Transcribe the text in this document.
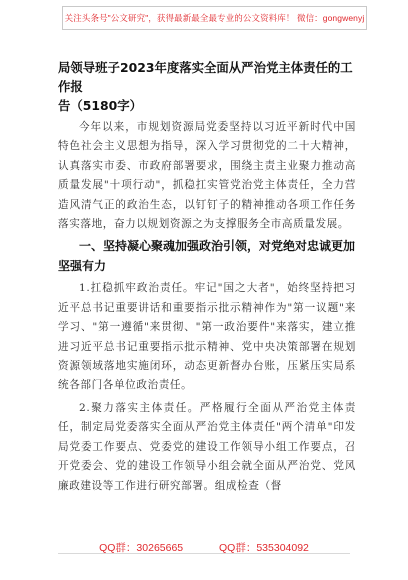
关注头条号"公文研究"，获得最新最全最专业的公文资料库！ 微信：gongwenyj
局领导班子2023年度落实全面从严治党主体责任的工作报
告（5180字）

今年以来，市规划资源局党委坚持以习近平新时代中国特色社会主义思想为指导，深入学习贯彻党的二十大精神，认真落实市委、市政府部署要求，围绕主责主业聚力推动高质量发展"十项行动"，抓稳扛实管党治党主体责任，全力营造风清气正的政治生态，以钉钉子的精神推动各项工作任务落实落地，奋力以规划资源之为支撑服务全市高质量发展。

一、坚持凝心聚魂加强政治引领，对党绝对忠诚更加坚强有力

1.扛稳抓牢政治责任。牢记"国之大者"，始终坚持把习近平总书记重要讲话和重要指示批示精神作为"第一议题"来学习、"第一遵循"来贯彻、"第一政治要件"来落实，建立推进习近平总书记重要指示批示精神、党中央决策部署在规划资源领域落地实施闭环，动态更新督办台账，压紧压实局系统各部门各单位政治责任。

2.聚力落实主体责任。严格履行全面从严治党主体责任，制定局党委落实全面从严治党主体责任"两个清单"印发局党委工作要点、党委党的建设工作领导小组工作要点，召开党委会、党的建设工作领导小组会就全面从严治党、党风廉政建设等工作进行研究部署。组成检查（督

QQ群：30265665	QQ群：535304092
